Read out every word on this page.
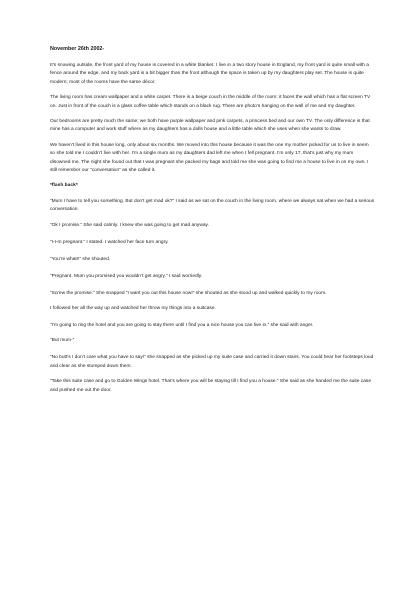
November 26th 2002-

It’s snowing outside, the front yard of my house is covered in a white blanket. I live in a two story house in England, my front yard is quite small with a fence around the edge, and my back yard is a bit bigger than the front although the space is taken up by my daughters play set. The house is quite modern; most of the rooms have the same décor.

The living room has cream wallpaper and a white carpet. There is a beige couch in the middle of the room; it faces the wall which has a flat screen TV on. Just in front of the couch is a glass coffee table which stands on a black rug. There are photo’s hanging on the wall of me and my daughter.

Our bedrooms are pretty much the same; we both have purple wallpaper and pink carpets, a princess bed and our own TV. The only difference is that mine has a computer and work stuff where as my daughters has a dolls house and a little table which she uses when she wants to draw.

We haven’t lived in this house long, only about six months. We moved into this house because it was the one my mother picked for us to live in seem so she told me I couldn’t live with her. I’m a single mum as my daughters dad left me when I fell pregnant. I’m only 17, that’s just why my mum disowned me. The night she found out that I was pregnant she packed my bags and told me she was going to find me a house to live in on my own. I still remember our “conversation” as she called it.

*flash back*

“Mum I have to tell you something. But don’t get mad ok?” I said as we sat on the couch in the living room, where we always sat when we had a serious conversation.

“Ok I promise.” She said calmly. I knew she was going to get mad anyway.

“I-I-m pregnant.” I stated. I watched her face turn angry.

“You’re what!!” she shouted.

“Pregnant. Mum you promised you wouldn’t get angry.” I said worriedly.

“Screw the promise.” She snapped “I want you out this house now!” she shouted as she stood up and walked quickly to my room.

I followed her all the way up and watched her throw my things into a suitcase.

“I’m going to ring the hotel and you are going to stay there until I find you a nice house you can live in.” she said with anger.

“But mum-”

“No butt’s I don’t care what you have to say!” she snapped as she picked up my suite case and carried it down stairs. You could hear her footsteps loud and clear as she stomped down them.

“Take this suite case and go to Golden Wings hotel. That’s where you will be staying till I find you a house.” She said as she handed me the suite case and pushed me out the door.
